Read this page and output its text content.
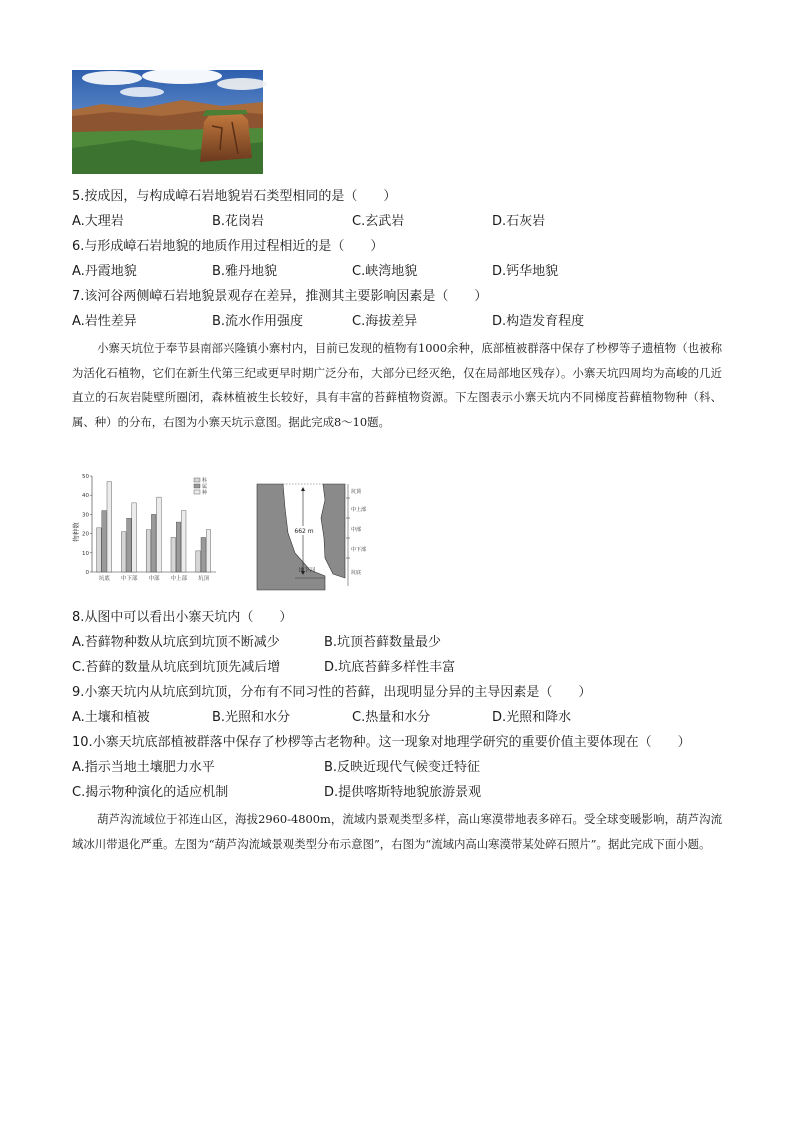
5.按成因，与构成嶂石岩地貌岩石类型相同的是（　　）
A.大理岩	B.花岗岩	C.玄武岩	D.石灰岩
6.与形成嶂石岩地貌的地质作用过程相近的是（　　）
A.丹霞地貌	B.雅丹地貌	C.峡湾地貌	D.钙华地貌
7.该河谷两侧嶂石岩地貌景观存在差异，推测其主要影响因素是（　　）
A.岩性差异	B.流水作用强度	C.海拔差异	D.构造发育程度
小寨天坑位于奉节县南部兴隆镇小寨村内，目前已发现的植物有1000余种，底部植被群落中保存了杪椤等子遗植物（也被称为活化石植物，它们在新生代第三纪或更早时期广泛分布，大部分已经灭绝，仅在局部地区残存）。小寨天坑四周均为高峻的几近直立的石灰岩陡壁所圈闭，森林植被生长较好，具有丰富的苔藓植物资源。下左图表示小寨天坑内不同梯度苔藓植物物种（科、属、种）的分布，右图为小寨天坑示意图。据此完成8～10题。
0
10
20
30
40
50
坑底 中下部 中部 中上部 坑顶
科
属
种
物种数	662 m
地下河
坑顶
中上部
中部
中下部
坑底
8.从图中可以看出小寨天坑内（　　）
A.苔藓物种数从坑底到坑顶不断减少	B.坑顶苔藓数量最少
C.苔藓的数量从坑底到坑顶先减后增	D.坑底苔藓多样性丰富
9.小寨天坑内从坑底到坑顶，分布有不同习性的苔藓，出现明显分异的主导因素是（　　）
A.土壤和植被	B.光照和水分	C.热量和水分	D.光照和降水
10.小寨天坑底部植被群落中保存了杪椤等古老物种。这一现象对地理学研究的重要价值主要体现在（　　）
A.指示当地土壤肥力水平	B.反映近现代气候变迁特征
C.揭示物种演化的适应机制	D.提供喀斯特地貌旅游景观
葫芦沟流域位于祁连山区，海拔2960-4800m，流域内景观类型多样，高山寒漠带地表多碎石。受全球变暖影响，葫芦沟流域冰川带退化严重。左图为“葫芦沟流域景观类型分布示意图”，右图为“流域内高山寒漠带某处碎石照片”。据此完成下面小题。
